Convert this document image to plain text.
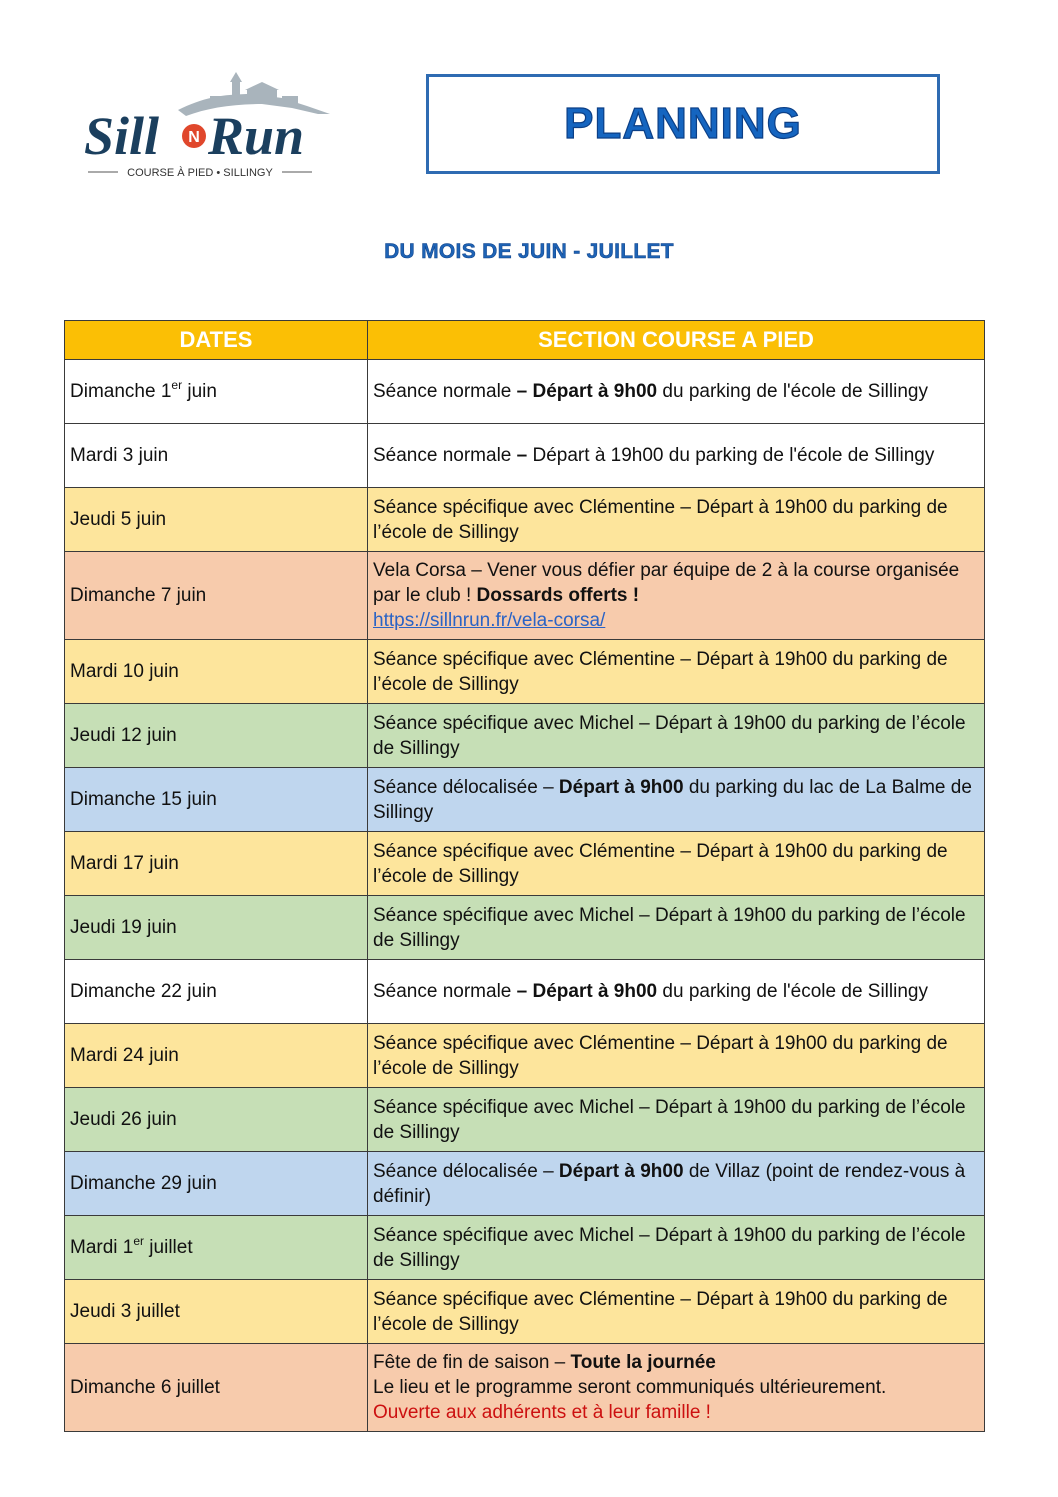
Sill N Run
COURSE À PIED • SILLINGY
PLANNING
DU MOIS DE JUIN - JUILLET
DATES	SECTION COURSE A PIED
Dimanche 1er juin	Séance normale – Départ à 9h00 du parking de l'école de Sillingy
Mardi 3 juin	Séance normale – Départ à 19h00 du parking de l'école de Sillingy
Jeudi 5 juin	Séance spécifique avec Clémentine – Départ à 19h00 du parking de l’école de Sillingy
Dimanche 7 juin	Vela Corsa – Vener vous défier par équipe de 2 à la course organisée par le club ! Dossards offerts !
https://sillnrun.fr/vela-corsa/
Mardi 10 juin	Séance spécifique avec Clémentine – Départ à 19h00 du parking de l’école de Sillingy
Jeudi 12 juin	Séance spécifique avec Michel – Départ à 19h00 du parking de l’école de Sillingy
Dimanche 15 juin	Séance délocalisée – Départ à 9h00 du parking du lac de La Balme de Sillingy
Mardi 17 juin	Séance spécifique avec Clémentine – Départ à 19h00 du parking de l’école de Sillingy
Jeudi 19 juin	Séance spécifique avec Michel – Départ à 19h00 du parking de l’école de Sillingy
Dimanche 22 juin	Séance normale – Départ à 9h00 du parking de l'école de Sillingy
Mardi 24 juin	Séance spécifique avec Clémentine – Départ à 19h00 du parking de l’école de Sillingy
Jeudi 26 juin	Séance spécifique avec Michel – Départ à 19h00 du parking de l’école de Sillingy
Dimanche 29 juin	Séance délocalisée – Départ à 9h00 de Villaz (point de rendez-vous à définir)
Mardi 1er juillet	Séance spécifique avec Michel – Départ à 19h00 du parking de l’école de Sillingy
Jeudi 3 juillet	Séance spécifique avec Clémentine – Départ à 19h00 du parking de l’école de Sillingy
Dimanche 6 juillet	Fête de fin de saison – Toute la journée
Le lieu et le programme seront communiqués ultérieurement.
Ouverte aux adhérents et à leur famille !
